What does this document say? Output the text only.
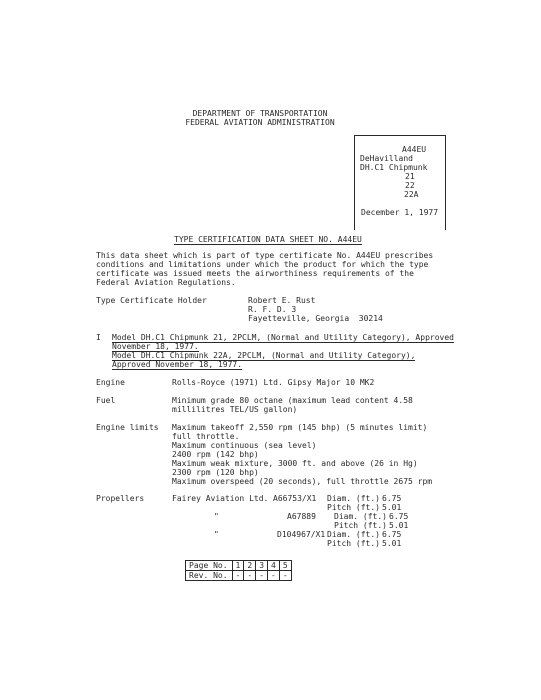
DEPARTMENT OF TRANSPORTATION
FEDERAL AVIATION ADMINISTRATION
A44EU
DeHavilland
DH.C1 Chipmunk
21
22
22A
December 1, 1977
TYPE CERTIFICATION DATA SHEET NO. A44EU
This data sheet which is part of type certificate No. A44EU prescribes
conditions and limitations under which the product for which the type
certificate was issued meets the airworthiness requirements of the
Federal Aviation Regulations.
Type Certificate Holder	Robert E. Rust
R. F. D. 3
Fayetteville, Georgia  30214
I Model DH.C1 Chipmunk 21, 2PCLM, (Normal and Utility Category), Approved
November 18, 1977.
Model DH.C1 Chipmunk 22A, 2PCLM, (Normal and Utility Category),
Approved November 18, 1977.
Engine	Rolls-Royce (1971) Ltd. Gipsy Major 10 MK2
Fuel	Minimum grade 80 octane (maximum lead content 4.58
millilitres TEL/US gallon)
Engine limits Maximum takeoff 2,550 rpm (145 bhp) (5 minutes limit)
full throttle.
Maximum continuous (sea level)
2400 rpm (142 bhp)
Maximum weak mixture, 3000 ft. and above (26 in Hg)
2300 rpm (120 bhp)
Maximum overspeed (20 seconds), full throttle 2675 rpm
Propellers	Fairey Aviation Ltd. A66753/X1 Diam. (ft.) 6.75
Pitch (ft.) 5.01
"	A67889 Diam. (ft.) 6.75
Pitch (ft.) 5.01
"	D104967/X1 Diam. (ft.) 6.75
Pitch (ft.) 5.01
Page No.	1	2	3	4	5
Rev. No.	-	-	-	-	-
